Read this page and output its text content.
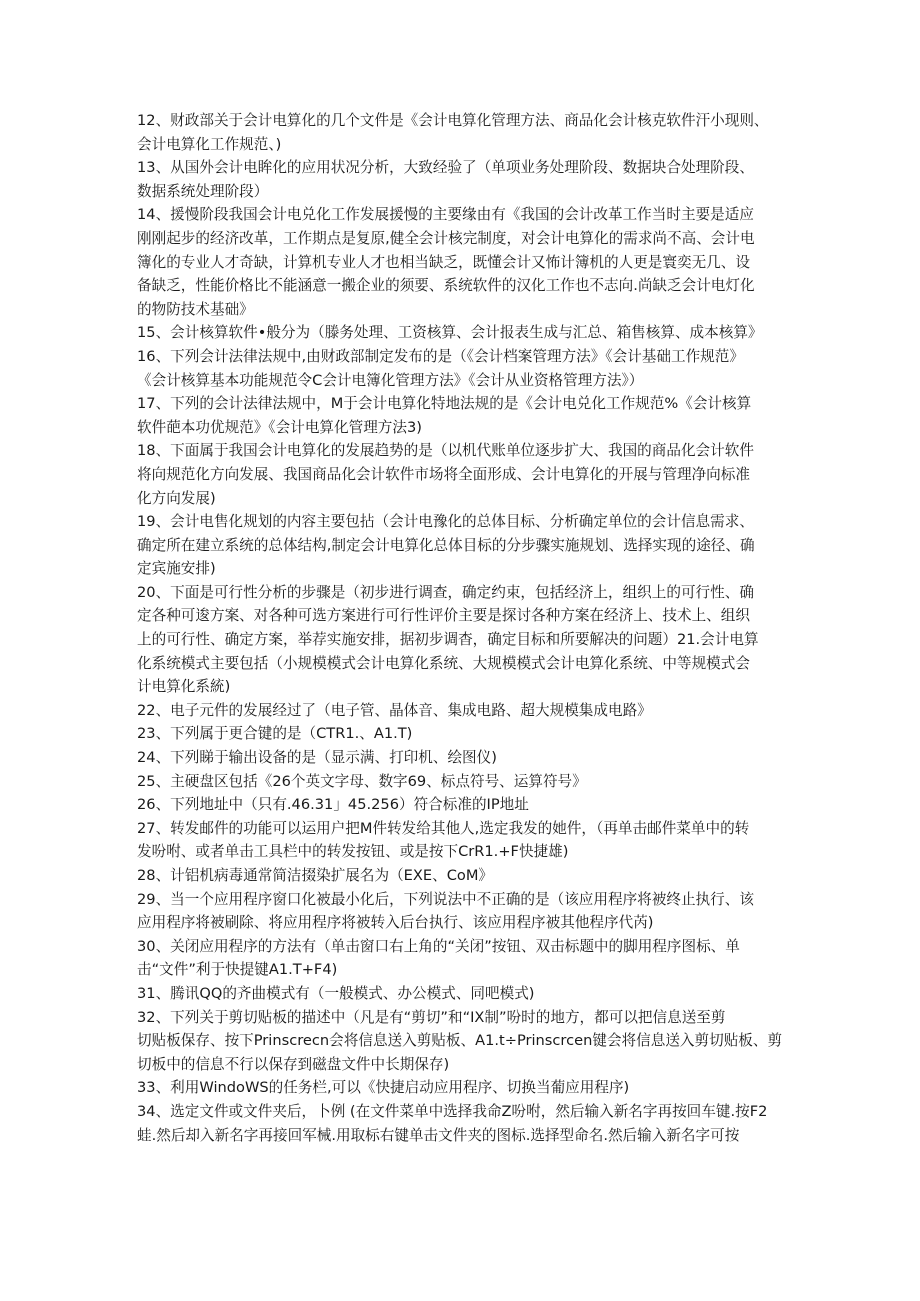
12、财政部关于会计电算化的几个文件是《会计电算化管理方法、商品化会计核克软件汗小现则、
会计电算化工作规范、)
13、从国外会计电眸化的应用状况分析，大致经验了（单项业务处理阶段、数据块合处理阶段、
数据系统处理阶段）
14、援慢阶段我国会计电兑化工作发展援慢的主要缘由有《我国的会计改革工作当时主要是适应
刚刚起步的经济改革，工作期点是复原,健全会计核完制度，对会计电算化的需求尚不高、会计电
簿化的专业人才奇缺，计算机专业人才也相当缺乏，既懂会计又怖计簿机的人更是寰奕无几、设
备缺乏，性能价格比不能涵意一搬企业的须要、系统软件的汉化工作也不志向.尚缺乏会计电灯化
的物防技术基础》
15、会计核算软件•般分为（滕务处理、工资核算、会计报表生成与汇总、箱售核算、成本核算》
16、下列会计法律法规中,由财政部制定发布的是（《会计档案管理方法》《会计基础工作规范》
《会计核算基本功能规范令C会计电簿化管理方法》《会计从业资格管理方法》）
17、下列的会计法律法规中，M于会计电算化特地法规的是《会计电兑化工作规范%《会计核算
软件葩本功优规范》《会计电算化管理方法3)
18、下面属于我国会计电算化的发展趋势的是（以机代账单位逐步扩大、我国的商品化会计软件
将向规范化方向发展、我国商品化会计软件市场将全面形成、会计电算化的开展与管理净向标准
化方向发展)
19、会计电售化规划的内容主要包拈（会计电豫化的总体目标、分析确定单位的会计信息需求、
确定所在建立系统的总体结构,制定会计电算化总体目标的分步骤实施规划、选择实现的途径、确
定宾施安排)
20、下面是可行性分析的步骤是（初步进行调查，确定约束，包括经济上，组织上的可行性、确
定各种可逡方案、对各种可选方案进行可行性评价主要是探讨各种方案在经济上、技术上、组织
上的可行性、确定方案，举荐实施安排，据初步调杳，确定目标和所要解决的问题）21.会计电算
化系统模式主要包括（小规模模式会计电算化系统、大规模模式会计电算化系统、中等规模式会
计电算化系統)
22、电子元件的发展经过了（电子管、晶体音、集成电路、超大规模集成电路》
23、下列属于更合键的是（CTR1.、A1.T)
24、下列睇于输出设备的是（显示满、打印机、绘图仪)
25、主硬盘区包括《26个英文字母、数字69、标点符号、运算符号》
26、下列地址中（只有.46.31」45.256）符合标准的IP地址
27、转发邮件的功能可以运用户把M件转发给其他人,选定我发的她件，（再单击邮件菜单中的转
发吩咐、或者单击工具栏中的转发按钮、或是按下CrR1.+F快捷雄)
28、计铝机病毒通常简洁掇染扩展名为（EXE、CoM》
29、当一个应用程序窗口化被最小化后，下列说法中不正确的是（该应用程序将被终止执行、该
应用程序将被刷除、将应用程序将被转入后台执行、该应用程序被其他程序代芮)
30、关闭应用程序的方法有（单击窗口右上角的“关闭”按钮、双击标题中的脚用程序图标、单
击“文件”利于快提键A1.T+F4)
31、腾讯QQ的齐曲模式有（一般模式、办公模式、同吧模式)
32、下列关于剪切贴板的描述中（凡是有“剪切”和“IX制”吩时的地方，都可以把信息送至剪
切贴板保存、按下Prinscrecn会将信息送入剪贴板、A1.t÷Prinscrcen键会将信息送入剪切贴板、剪
切板中的信息不行以保存到磁盘文件中长期保存)
33、利用WindoWS的任务栏,可以《快捷启动应用程序、切换当葡应用程序)
34、选定文件或文件夹后，卜例 (在文件菜单中选择我命Z吩咐，然后输入新名字再按回车键.按F2
蛙.然后却入新名字再接回军械.用取标右键单击文件夹的图标.选择型命名.然后输入新名字可按
